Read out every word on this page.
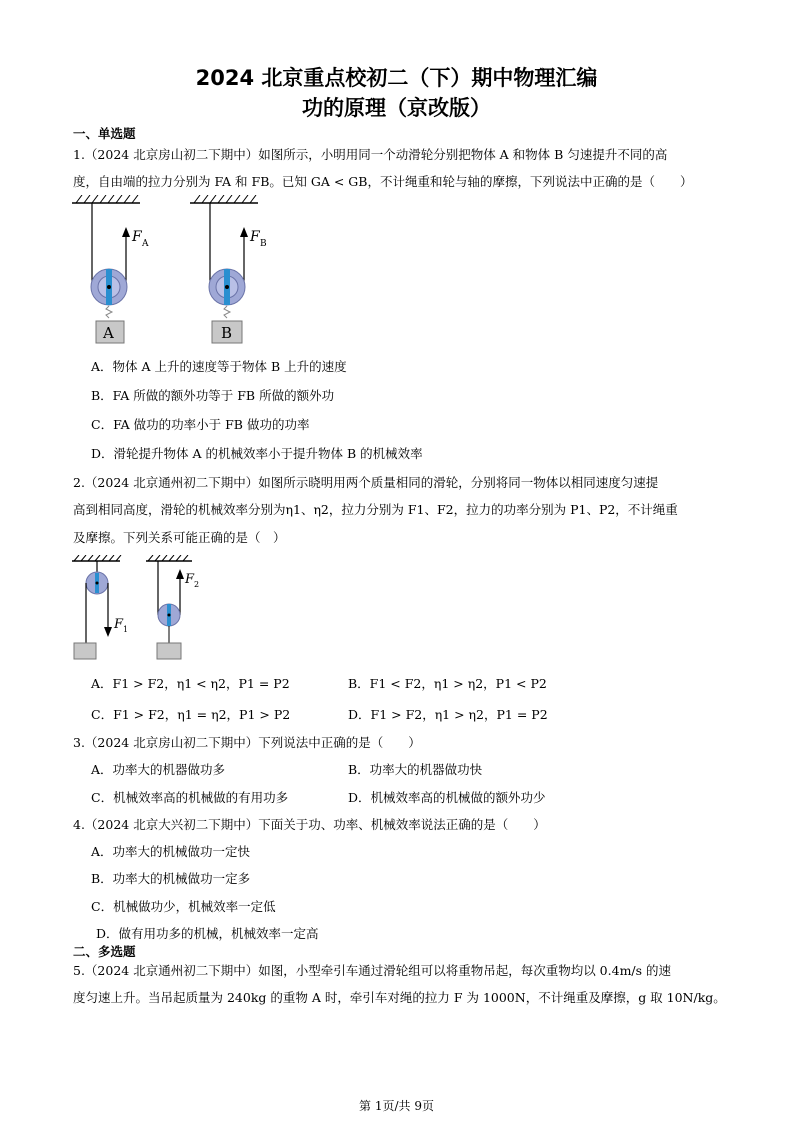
2024 北京重点校初二（下）期中物理汇编
功的原理（京改版）
一、单选题
1.（2024 北京房山初二下期中）如图所示，小明用同一个动滑轮分别把物体 A 和物体 B 匀速提升不同的高
度，自由端的拉力分别为 FA 和 FB。已知 GA < GB，不计绳重和轮与轴的摩擦，下列说法中正确的是（　　）
F A
A
F B
B
A．物体 A 上升的速度等于物体 B 上升的速度
B．FA 所做的额外功等于 FB 所做的额外功
C．FA 做功的功率小于 FB 做功的功率
D．滑轮提升物体 A 的机械效率小于提升物体 B 的机械效率
2.（2024 北京通州初二下期中）如图所示晓明用两个质量相同的滑轮，分别将同一物体以相同速度匀速提
高到相同高度，滑轮的机械效率分别为η1、η2，拉力分别为 F1、F2，拉力的功率分别为 P1、P2，不计绳重
及摩擦。下列关系可能正确的是（　）
F 1
F 2
A．F1 > F2，η1 < η2，P1 = P2	B．F1 < F2，η1 > η2，P1 < P2
C．F1 > F2，η1 = η2，P1 > P2	D．F1 > F2，η1 > η2，P1 = P2
3.（2024 北京房山初二下期中）下列说法中正确的是（　　）
A．功率大的机器做功多	B．功率大的机器做功快
C．机械效率高的机械做的有用功多	D．机械效率高的机械做的额外功少
4.（2024 北京大兴初二下期中）下面关于功、功率、机械效率说法正确的是（　　）
A．功率大的机械做功一定快
B．功率大的机械做功一定多
C．机械做功少，机械效率一定低
D．做有用功多的机械，机械效率一定高
二、多选题
5.（2024 北京通州初二下期中）如图，小型牵引车通过滑轮组可以将重物吊起，每次重物均以 0.4m/s 的速
度匀速上升。当吊起质量为 240kg 的重物 A 时，牵引车对绳的拉力 F 为 1000N，不计绳重及摩擦，g 取 10N/kg。
第 1页/共 9页
